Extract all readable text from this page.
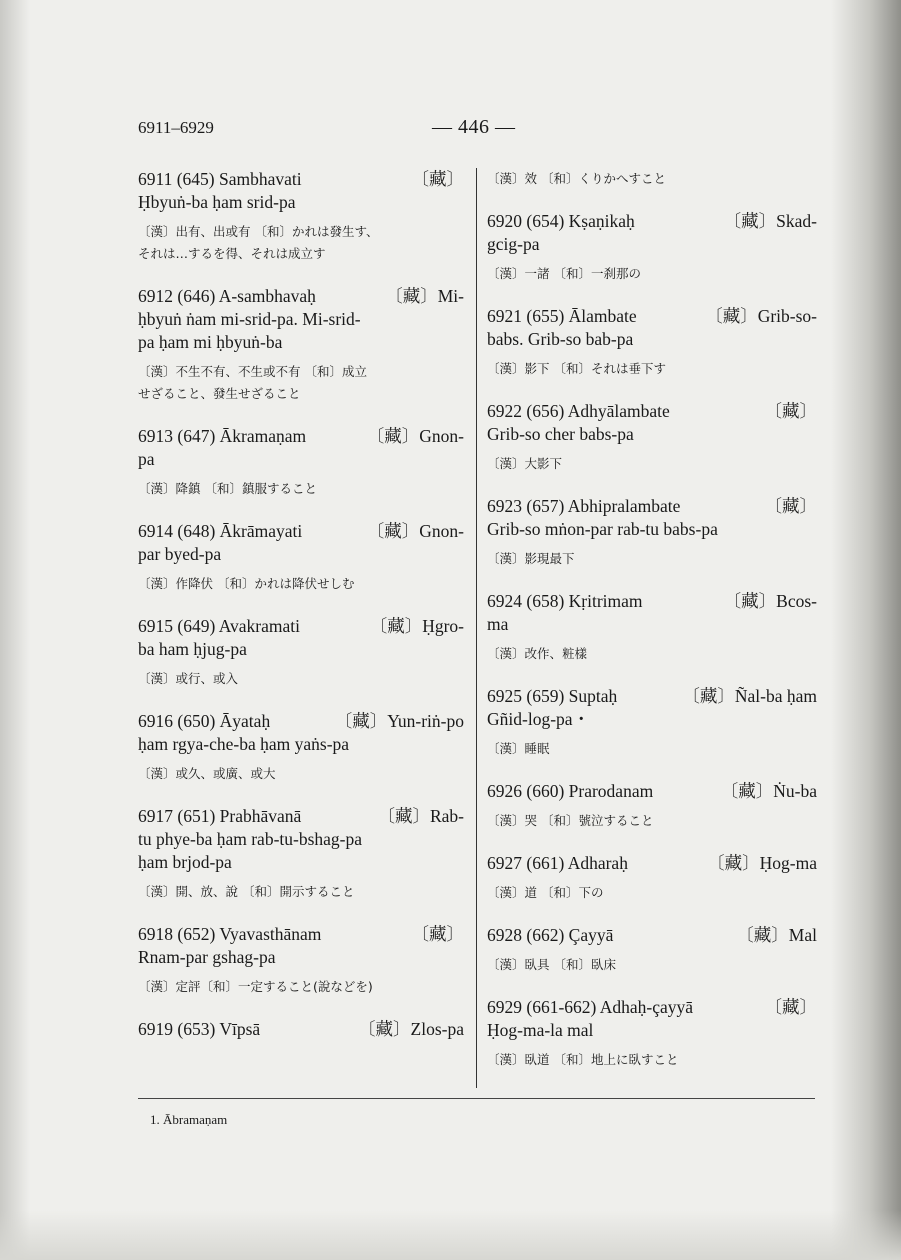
6911–6929	— 446 —
6911 (645) Sambhavati	〔藏〕
Ḥbyuṅ-ba ḥam srid-pa
〔漢〕出有、出或有 〔和〕かれは發生す、
それは…するを得、それは成立す
6912 (646) A-sambhavaḥ	〔藏〕Mi-
ḥbyuṅ ṅam mi-srid-pa. Mi-srid-
pa ḥam mi ḥbyuṅ-ba
〔漢〕不生不有、不生或不有 〔和〕成立
せざること、發生せざること
6913 (647) Ākramaṇam	〔藏〕Gnon-
pa
〔漢〕降鎮 〔和〕鎮服すること
6914 (648) Ākrāmayati	〔藏〕Gnon-
par byed-pa
〔漢〕作降伏 〔和〕かれは降伏せしむ
6915 (649) Avakramati	〔藏〕Ḥgro-
ba ham ḥjug-pa
〔漢〕或行、或入
6916 (650) Āyataḥ	〔藏〕Yun-riṅ-po
ḥam rgya-che-ba ḥam yaṅs-pa
〔漢〕或久、或廣、或大
6917 (651) Prabhāvanā	〔藏〕Rab-
tu phye-ba ḥam rab-tu-bshag-pa
ḥam brjod-pa
〔漢〕開、放、說 〔和〕開示すること
6918 (652) Vyavasthānam	〔藏〕
Rnam-par gshag-pa
〔漢〕定評〔和〕一定すること(說などを)
6919 (653) Vīpsā	〔藏〕Zlos-pa
〔漢〕效 〔和〕くりかへすこと
6920 (654) Kṣaṇikaḥ	〔藏〕Skad-
gcig-pa
〔漢〕一諸 〔和〕一刹那の
6921 (655) Ālambate	〔藏〕Grib-so-
babs. Grib-so bab-pa
〔漢〕影下 〔和〕それは垂下す
6922 (656) Adhyālambate	〔藏〕
Grib-so cher babs-pa
〔漢〕大影下
6923 (657) Abhipralambate	〔藏〕
Grib-so mṅon-par rab-tu babs-pa
〔漢〕影現最下
6924 (658) Kṛitrimam	〔藏〕Bcos-
ma
〔漢〕改作、粧樣
6925 (659) Suptaḥ	〔藏〕Ñal-ba ḥam
Gñid-log-pa・
〔漢〕睡眠
6926 (660) Prarodanam	〔藏〕Ṅu-ba
〔漢〕哭 〔和〕號泣すること
6927 (661) Adharaḥ	〔藏〕Ḥog-ma
〔漢〕道 〔和〕下の
6928 (662) Çayyā	〔藏〕Mal
〔漢〕臥具 〔和〕臥床
6929 (661-662) Adhaḥ-çayyā	〔藏〕
Ḥog-ma-la mal
〔漢〕臥道 〔和〕地上に臥すこと
1. Ābramaṇam
